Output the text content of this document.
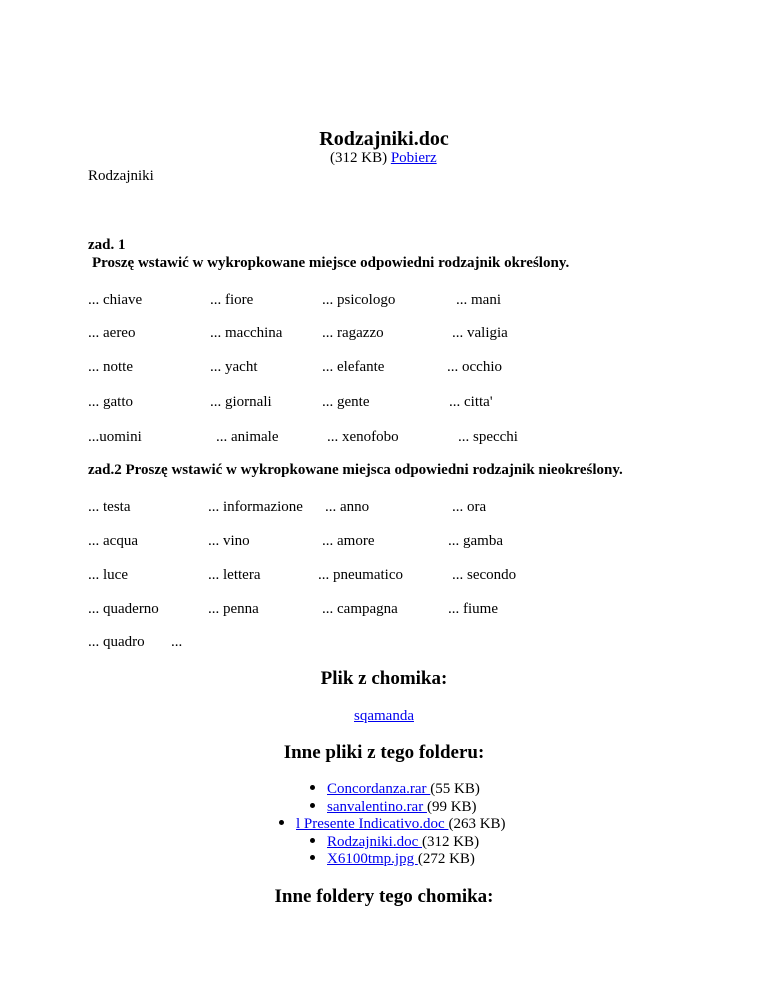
Rodzajniki.doc
(312 KB) Pobierz
Rodzajniki
zad. 1
Proszę wstawić w wykropkowane miejsce odpowiedni rodzajnik określony.
... chiave	... fiore	... psicologo	... mani
... aereo	... macchina	... ragazzo	... valigia
... notte	... yacht	... elefante	... occhio
... gatto	... giornali	... gente	... citta'
...uomini	... animale	... xenofobo	... specchi
zad.2 Proszę wstawić w wykropkowane miejsca odpowiedni rodzajnik nieokreślony.
... testa	... informazione ... anno	... ora
... acqua	... vino	... amore	... gamba
... luce	... lettera	... pneumatico	... secondo
... quaderno	... penna	... campagna	... fiume
... quadro ...
Plik z chomika:
sqamanda
Inne pliki z tego folderu:
Concordanza.rar (55 KB)
sanvalentino.rar (99 KB)
l Presente Indicativo.doc (263 KB)
Rodzajniki.doc (312 KB)
X6100tmp.jpg (272 KB)
Inne foldery tego chomika:
